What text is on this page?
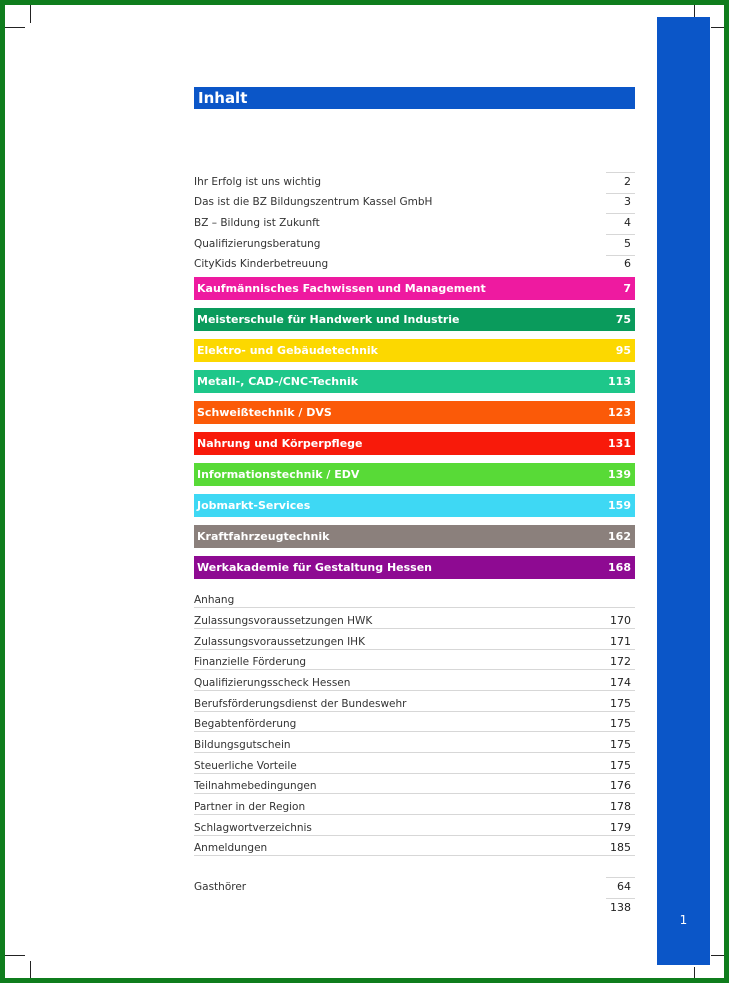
1
Inhalt
Ihr Erfolg ist uns wichtig	2
Das ist die BZ Bildungszentrum Kassel GmbH	3
BZ – Bildung ist Zukunft	4
Qualifizierungsberatung	5
CityKids Kinderbetreuung	6
Kaufmännisches Fachwissen und Management	7
Meisterschule für Handwerk und Industrie	75
Elektro- und Gebäudetechnik	95
Metall-, CAD-/CNC-Technik	113
Schweißtechnik / DVS	123
Nahrung und Körperpflege	131
Informationstechnik / EDV	139
Jobmarkt-Services	159
Kraftfahrzeugtechnik	162
Werkakademie für Gestaltung Hessen	168
Anhang
Zulassungsvoraussetzungen HWK	170
Zulassungsvoraussetzungen IHK	171
Finanzielle Förderung	172
Qualifizierungsscheck Hessen	174
Berufsförderungsdienst der Bundeswehr	175
Begabtenförderung	175
Bildungsgutschein	175
Steuerliche Vorteile	175
Teilnahmebedingungen	176
Partner in der Region	178
Schlagwortverzeichnis	179
Anmeldungen	185
Gasthörer	64
138
